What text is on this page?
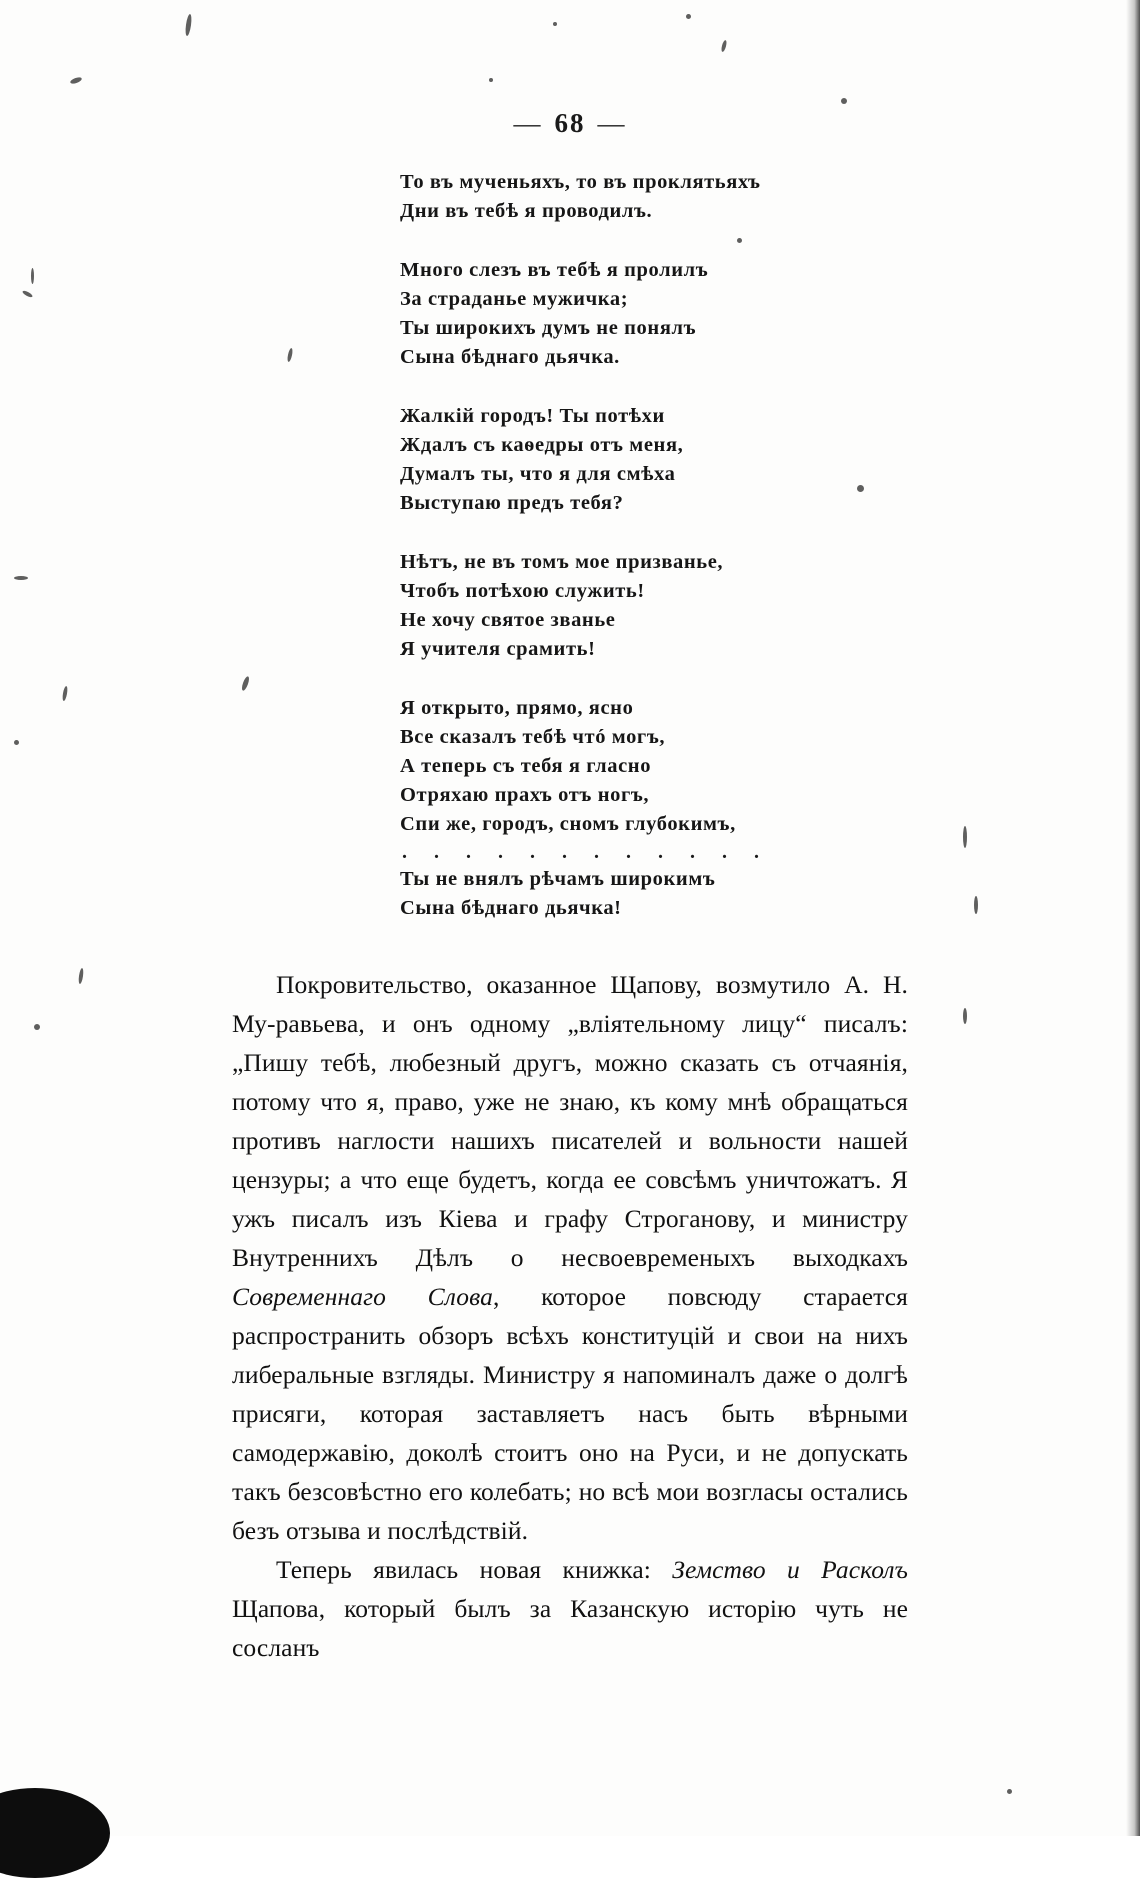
— 68 —
То въ мученьяхъ, то въ проклятьяхъ
Дни въ тебѣ я проводилъ.
Много слезъ въ тебѣ я пролилъ
За страданье мужичка;
Ты широкихъ думъ не понялъ
Сына бѣднаго дьячка.
Жалкій городъ! Ты потѣхи
Ждалъ съ каѳедры отъ меня,
Думалъ ты, что я для смѣха
Выступаю предъ тебя?
Нѣтъ, не въ томъ мое призванье,
Чтобъ потѣхою служить!
Не хочу святое званье
Я учителя срамить!
Я открыто, прямо, ясно
Все сказалъ тебѣ чтó могъ,
А теперь съ тебя я гласно
Отряхаю прахъ отъ ногъ,
Спи же, городъ, сномъ глубокимъ,
. . . . . . . . . . . .
Ты не внялъ рѣчамъ широкимъ
Сына бѣднаго дьячка!

Покровительство, оказанное Щапову, возмутило А. Н. Му-равьева, и онъ одному „вліятельному лицу“ писалъ: „Пишу тебѣ, любезный другъ, можно сказать съ отчаянія, потому что я, право, уже не знаю, къ кому мнѣ обращаться противъ наглости нашихъ писателей и вольности нашей цензуры; а что еще будетъ, когда ее совсѣмъ уничтожатъ. Я ужъ писалъ изъ Кіева и графу Строганову, и министру Внутреннихъ Дѣлъ о несвоевременыхъ выходкахъ Современнаго Слова, которое повсюду старается распространить обзоръ всѣхъ конституцій и свои на нихъ либеральные взгляды. Министру я напоминалъ даже о долгѣ присяги, которая заставляетъ насъ быть вѣрными самодержавію, доколѣ стоитъ оно на Руси, и не допускать такъ безсовѣстно его колебать; но всѣ мои возгласы остались безъ отзыва и послѣдствій.

Теперь явилась новая книжка: Земство и Расколъ Щапова, который былъ за Казанскую исторію чуть не сосланъ
